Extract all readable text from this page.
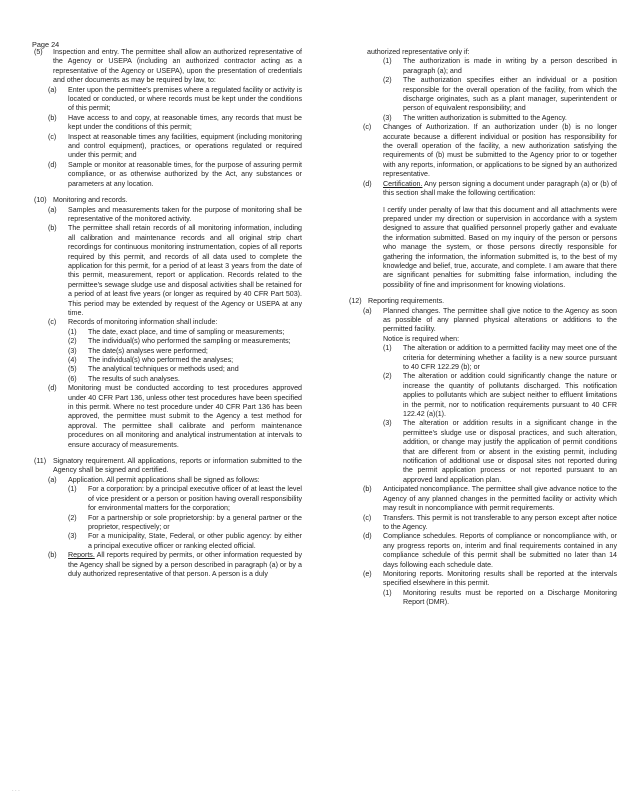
Page 24

(5) Inspection and entry. The permittee shall allow an authorized representative of the Agency or USEPA (including an authorized contractor acting as a representative of the Agency or USEPA), upon the presentation of credentials and other documents as may be required by law, to:

(a) Enter upon the permittee's premises where a regulated facility or activity is located or conducted, or where records must be kept under the conditions of this permit;

(b) Have access to and copy, at reasonable times, any records that must be kept under the conditions of this permit;

(c) Inspect at reasonable times any facilities, equipment (including monitoring and control equipment), practices, or operations regulated or required under this permit; and

(d) Sample or monitor at reasonable times, for the purpose of assuring permit compliance, or as otherwise authorized by the Act, any substances or parameters at any location.

(10) Monitoring and records.

(a) Samples and measurements taken for the purpose of monitoring shall be representative of the monitored activity.

(b) The permittee shall retain records of all monitoring information, including all calibration and maintenance records and all original strip chart recordings for continuous monitoring instrumentation, copies of all reports required by this permit, and records of all data used to complete the application for this permit, for a period of at least 3 years from the date of this permit, measurement, report or application. Records related to the permittee's sewage sludge use and disposal activities shall be retained for a period of at least five years (or longer as required by 40 CFR Part 503). This period may be extended by request of the Agency or USEPA at any time.

(c) Records of monitoring information shall include:

(1) The date, exact place, and time of sampling or measurements;

(2) The individual(s) who performed the sampling or measurements;

(3) The date(s) analyses were performed;

(4) The individual(s) who performed the analyses;

(5) The analytical techniques or methods used; and

(6) The results of such analyses.

(d) Monitoring must be conducted according to test procedures approved under 40 CFR Part 136, unless other test procedures have been specified in this permit. Where no test procedure under 40 CFR Part 136 has been approved, the permittee must submit to the Agency a test method for approval. The permittee shall calibrate and perform maintenance procedures on all monitoring and analytical instrumentation at intervals to ensure accuracy of measurements.

(11) Signatory requirement. All applications, reports or information submitted to the Agency shall be signed and certified.

(a) Application. All permit applications shall be signed as follows:

(1) For a corporation: by a principal executive officer of at least the level of vice president or a person or position having overall responsibility for environmental matters for the corporation;

(2) For a partnership or sole proprietorship: by a general partner or the proprietor, respectively; or

(3) For a municipality, State, Federal, or other public agency: by either a principal executive officer or ranking elected official.

(b) Reports. All reports required by permits, or other information requested by the Agency shall be signed by a person described in paragraph (a) or by a duly authorized representative of that person. A person is a duly

authorized representative only if:

(1) The authorization is made in writing by a person described in paragraph (a); and

(2) The authorization specifies either an individual or a position responsible for the overall operation of the facility, from which the discharge originates, such as a plant manager, superintendent or person of equivalent responsibility; and

(3) The written authorization is submitted to the Agency.

(c) Changes of Authorization. If an authorization under (b) is no longer accurate because a different individual or position has responsibility for the overall operation of the facility, a new authorization satisfying the requirements of (b) must be submitted to the Agency prior to or together with any reports, information, or applications to be signed by an authorized representative.

(d) Certification. Any person signing a document under paragraph (a) or (b) of this section shall make the following certification:

I certify under penalty of law that this document and all attachments were prepared under my direction or supervision in accordance with a system designed to assure that qualified personnel properly gather and evaluate the information submitted. Based on my inquiry of the person or persons who manage the system, or those persons directly responsible for gathering the information, the information submitted is, to the best of my knowledge and belief, true, accurate, and complete. I am aware that there are significant penalties for submitting false information, including the possibility of fine and imprisonment for knowing violations.

(12) Reporting requirements.

(a) Planned changes. The permittee shall give notice to the Agency as soon as possible of any planned physical alterations or additions to the permitted facility.

Notice is required when:

(1) The alteration or addition to a permitted facility may meet one of the criteria for determining whether a facility is a new source pursuant to 40 CFR 122.29 (b); or

(2) The alteration or addition could significantly change the nature or increase the quantity of pollutants discharged. This notification applies to pollutants which are subject neither to effluent limitations in the permit, nor to notification requirements pursuant to 40 CFR 122.42 (a)(1).

(3) The alteration or addition results in a significant change in the permittee's sludge use or disposal practices, and such alteration, addition, or change may justify the application of permit conditions that are different from or absent in the existing permit, including notification of additional use or disposal sites not reported during the permit application process or not reported pursuant to an approved land application plan.

(b) Anticipated noncompliance. The permittee shall give advance notice to the Agency of any planned changes in the permitted facility or activity which may result in noncompliance with permit requirements.

(c) Transfers. This permit is not transferable to any person except after notice to the Agency.

(d) Compliance schedules. Reports of compliance or noncompliance with, or any progress reports on, interim and final requirements contained in any compliance schedule of this permit shall be submitted no later than 14 days following each schedule date.

(e) Monitoring reports. Monitoring results shall be reported at the intervals specified elsewhere in this permit.

(1) Monitoring results must be reported on a Discharge Monitoring Report (DMR).

· · ·
